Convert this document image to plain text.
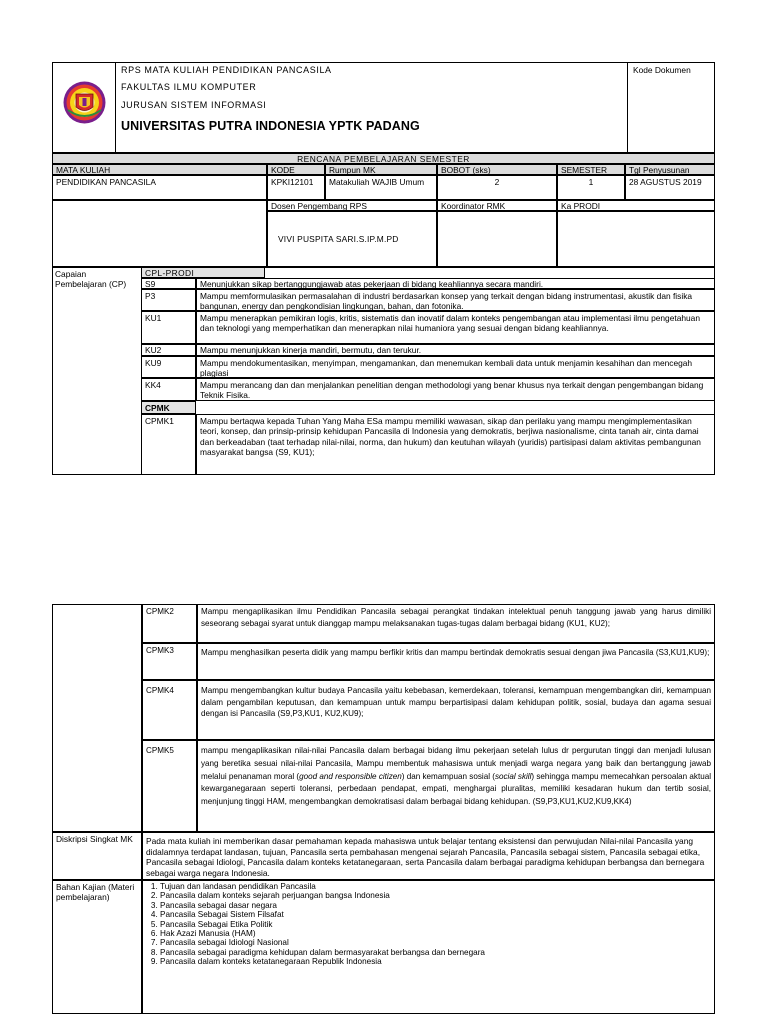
RPS MATA KULIAH PENDIDIKAN PANCASILA
FAKULTAS ILMU KOMPUTER
JURUSAN SISTEM INFORMASI
UNIVERSITAS PUTRA INDONESIA YPTK PADANG
Kode Dokumen
RENCANA PEMBELAJARAN SEMESTER
MATA KULIAH	KODE	Rumpun MK	BOBOT (sks)	SEMESTER	Tgl Penyusunan
PENDIDIKAN PANCASILA	KPKI12101	Matakuliah WAJIB Umum	2	1	28 AGUSTUS 2019
Dosen Pengembang RPS	Koordinator RMK	Ka PRODI
VIVI PUSPITA SARI.S.IP.M.PD
Capaian Pembelajaran (CP)
CPL-PRODI
S9	Menunjukkan sikap bertanggungjawab atas pekerjaan di bidang keahliannya secara mandiri.
P3	Mampu memformulasikan permasalahan di industri berdasarkan konsep yang terkait dengan bidang instrumentasi, akustik dan fisika bangunan, energy dan pengkondisian lingkungan, bahan, dan fotonika.
KU1	Mampu menerapkan pemikiran logis, kritis, sistematis dan inovatif dalam konteks pengembangan atau implementasi ilmu pengetahuan dan teknologi yang memperhatikan dan menerapkan nilai humaniora yang sesuai dengan bidang keahliannya.
KU2	Mampu menunjukkan kinerja mandiri, bermutu, dan terukur.
KU9	Mampu mendokumentasikan, menyimpan, mengamankan, dan menemukan kembali data untuk menjamin kesahihan dan mencegah plagiasi
KK4	Mampu merancang dan dan menjalankan penelitian dengan methodologi yang benar khusus nya terkait dengan pengembangan bidang Teknik Fisika.
CPMK
CPMK1	Mampu bertaqwa kepada Tuhan Yang Maha ESa mampu memiliki wawasan, sikap dan perilaku yang mampu mengimplementasikan teori, konsep, dan prinsip-prinsip kehidupan Pancasila di Indonesia yang demokratis, berjiwa nasionalisme, cinta tanah air, cinta damai dan berkeadaban (taat terhadap nilai-nilai, norma, dan hukum) dan keutuhan wilayah (yuridis) partisipasi dalam aktivitas pembangunan masyarakat bangsa (S9, KU1);
CPMK2	Mampu mengaplikasikan ilmu Pendidikan Pancasila sebagai perangkat tindakan intelektual penuh tanggung jawab yang harus dimiliki seseorang sebagai syarat untuk dianggap mampu melaksanakan tugas-tugas dalam berbagai bidang (KU1, KU2);
CPMK3	Mampu menghasilkan peserta didik yang mampu berfikir kritis dan mampu bertindak demokratis sesuai dengan jiwa Pancasila (S3,KU1,KU9);
CPMK4	Mampu mengembangkan kultur budaya Pancasila yaitu kebebasan, kemerdekaan, toleransi, kemampuan mengembangkan diri, kemampuan dalam pengambilan keputusan, dan kemampuan untuk mampu berpartisipasi dalam kehidupan politik, sosial, budaya dan agama sesuai dengan isi Pancasila (S9,P3,KU1, KU2,KU9);
CPMK5	mampu mengaplikasikan nilai-nilai Pancasila dalam berbagai bidang ilmu pekerjaan setelah lulus dr pergurutan tinggi dan menjadi lulusan yang beretika sesuai nilai-nilai Pancasila, Mampu membentuk mahasiswa untuk menjadi warga negara yang baik dan bertanggung jawab melalui penanaman moral (good and responsible citizen) dan kemampuan sosial (social skill) sehingga mampu memecahkan persoalan aktual kewarganegaraan seperti toleransi, perbedaan pendapat, empati, menghargai pluralitas, memiliki kesadaran hukum dan tertib sosial, menjunjung tinggi HAM, mengembangkan demokratisasi dalam berbagai bidang kehidupan. (S9,P3,KU1,KU2,KU9,KK4)
Diskripsi Singkat MK	Pada mata kuliah ini memberikan dasar pemahaman kepada mahasiswa untuk belajar tentang eksistensi dan perwujudan Nilai-nilai Pancasila yang didalamnya terdapat landasan, tujuan, Pancasila serta pembahasan mengenai sejarah Pancasila, Pancasila sebagai sistem, Pancasila sebagai etika, Pancasila sebagai Idiologi, Pancasila dalam konteks ketatanegaraan, serta Pancasila dalam berbagai paradigma kehidupan berbangsa dan bernegara sebagai warga negara Indonesia.
Bahan Kajian (Materi pembelajaran)
1. Tujuan dan landasan pendidikan Pancasila
2. Pancasila dalam konteks sejarah perjuangan bangsa Indonesia
3. Pancasila sebagai dasar negara
4. Pancasila Sebagai Sistem Filsafat
5. Pancasila Sebagai Etika Politik
6. Hak Azazi Manusia (HAM)
7. Pancasila sebagai Idiologi Nasional
8. Pancasila sebagai paradigma kehidupan dalam bermasyarakat berbangsa dan bernegara
9. Pancasila dalam konteks ketatanegaraan Republik Indonesia
